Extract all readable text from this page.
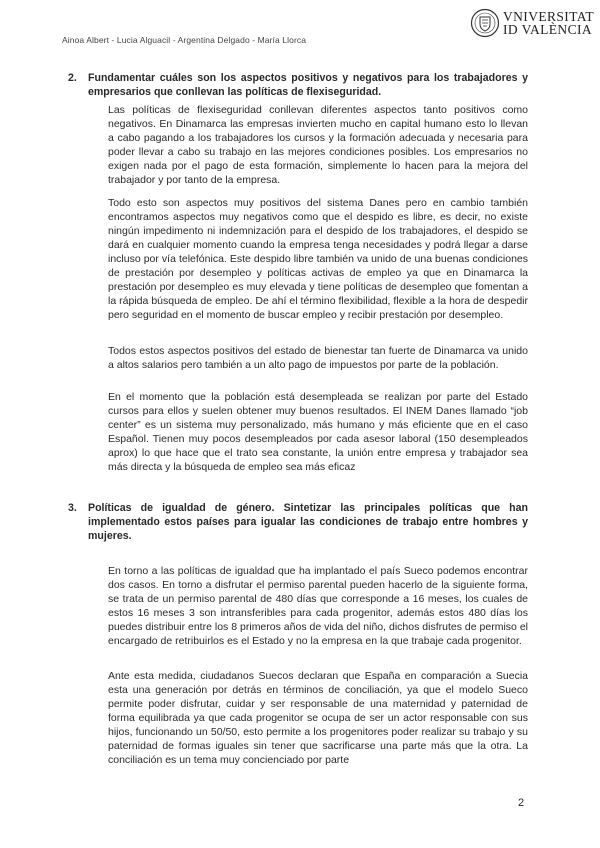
Ainoa Albert - Lucia Alguacil - Argentina Delgado - María Llorca
VNIVERSITAT
ID VALÈNCIA
2. Fundamentar cuáles son los aspectos positivos y negativos para los trabajadores y empresarios que conllevan las políticas de flexiseguridad.

Las políticas de flexiseguridad conllevan diferentes aspectos tanto positivos como negativos. En Dinamarca las empresas invierten mucho en capital humano esto lo llevan a cabo pagando a los trabajadores los cursos y la formación adecuada y necesaria para poder llevar a cabo su trabajo en las mejores condiciones posibles. Los empresarios no exigen nada por el pago de esta formación, simplemente lo hacen para la mejora del trabajador y por tanto de la empresa.

Todo esto son aspectos muy positivos del sistema Danes pero en cambio también encontramos aspectos muy negativos como que el despido es libre, es decir, no existe ningún impedimento ni indemnización para el despido de los trabajadores, el despido se dará en cualquier momento cuando la empresa tenga necesidades y podrá llegar a darse incluso por vía telefónica. Este despido libre también va unido de una buenas condiciones de prestación por desempleo y políticas activas de empleo ya que en Dinamarca la prestación por desempleo es muy elevada y tiene políticas de desempleo que fomentan a la rápida búsqueda de empleo. De ahí el término flexibilidad, flexible a la hora de despedir pero seguridad en el momento de buscar empleo y recibir prestación por desempleo.

Todos estos aspectos positivos del estado de bienestar tan fuerte de Dinamarca va unido a altos salarios pero también a un alto pago de impuestos por parte de la población.

En el momento que la población está desempleada se realizan por parte del Estado cursos para ellos y suelen obtener muy buenos resultados. El INEM Danes llamado “job center” es un sistema muy personalizado, más humano y más eficiente que en el caso Español. Tienen muy pocos desempleados por cada asesor laboral (150 desempleados aprox) lo que hace que el trato sea constante, la unión entre empresa y trabajador sea más directa y la búsqueda de empleo sea más eficaz

3. Políticas de igualdad de género. Sintetizar las principales políticas que han implementado estos países para igualar las condiciones de trabajo entre hombres y mujeres.

En torno a las políticas de igualdad que ha implantado el país Sueco podemos encontrar dos casos. En torno a disfrutar el permiso parental pueden hacerlo de la siguiente forma, se trata de un permiso parental de 480 días que corresponde a 16 meses, los cuales de estos 16 meses 3 son intransferibles para cada progenitor, además estos 480 días los puedes distribuir entre los 8 primeros años de vida del niño, dichos disfrutes de permiso el encargado de retribuirlos es el Estado y no la empresa en la que trabaje cada progenitor.

Ante esta medida, ciudadanos Suecos declaran que España en comparación a Suecia esta una generación por detrás en términos de conciliación, ya que el modelo Sueco permite poder disfrutar, cuidar y ser responsable de una maternidad y paternidad de forma equilibrada ya que cada progenitor se ocupa de ser un actor responsable con sus hijos, funcionando un 50/50, esto permite a los progenitores poder realizar su trabajo y su paternidad de formas iguales sin tener que sacrificarse una parte más que la otra. La conciliación es un tema muy concienciado por parte

2
